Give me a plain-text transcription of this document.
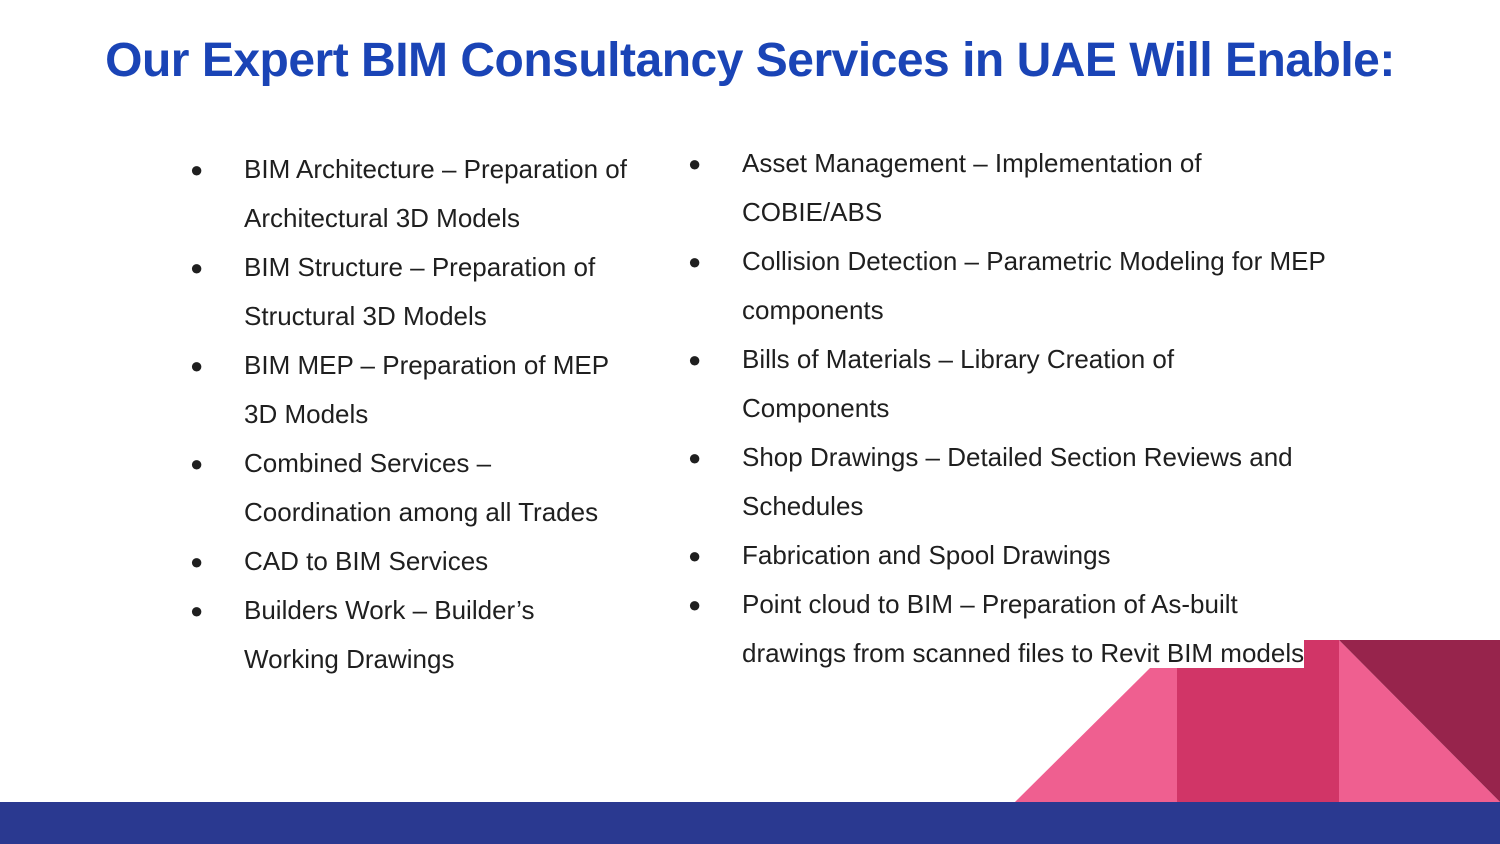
Our Expert BIM Consultancy Services in UAE Will Enable:
● BIM Architecture – Preparation of Architectural 3D Models
● BIM Structure – Preparation of Structural 3D Models
● BIM MEP – Preparation of MEP 3D Models
● Combined Services – Coordination among all Trades
● CAD to BIM Services
● Builders Work – Builder’s Working Drawings
● Asset Management – Implementation of COBIE/ABS
● Collision Detection – Parametric Modeling for MEP components
● Bills of Materials – Library Creation of Components
● Shop Drawings – Detailed Section Reviews and Schedules
● Fabrication and Spool Drawings
● Point cloud to BIM – Preparation of As-built drawings from scanned files to Revit BIM models
